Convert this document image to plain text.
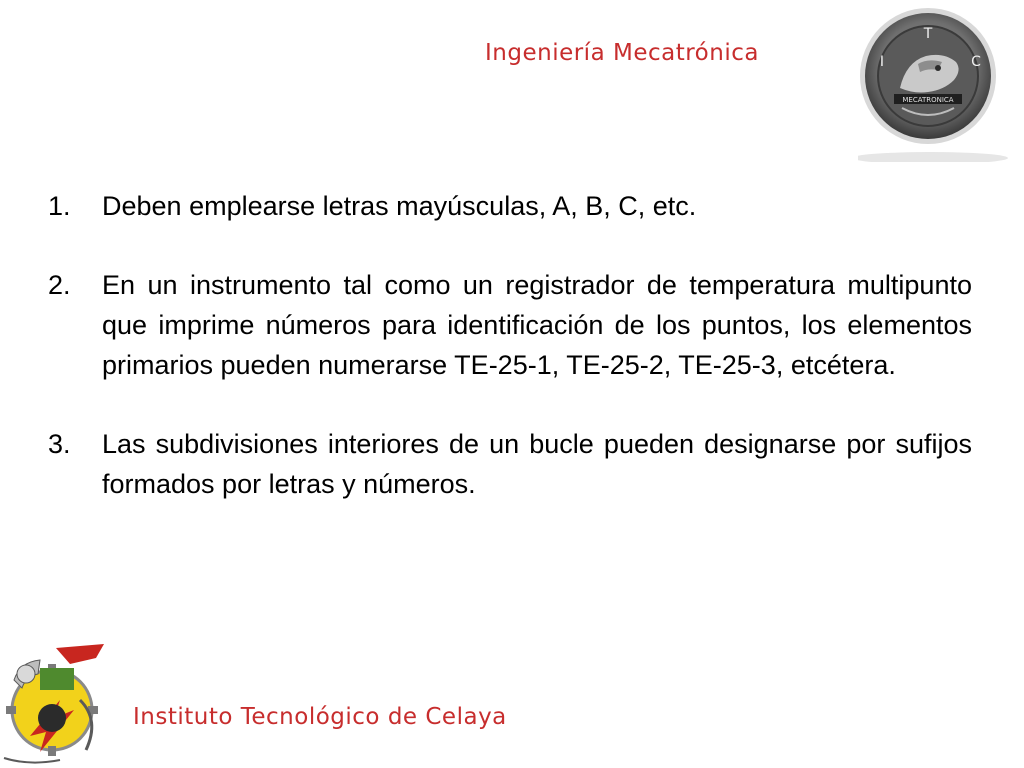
Ingeniería Mecatrónica
T
I	C
MECATRONICA
1.	Deben emplearse letras mayúsculas, A, B, C, etc.
2.	En un instrumento tal como un registrador de temperatura multipunto que imprime números para identificación de los puntos, los elementos primarios pueden numerarse TE-25-1, TE-25-2, TE-25-3, etcétera.
3.	Las subdivisiones interiores de un bucle pueden designarse por sufijos formados por letras y números.
Instituto Tecnológico de Celaya
